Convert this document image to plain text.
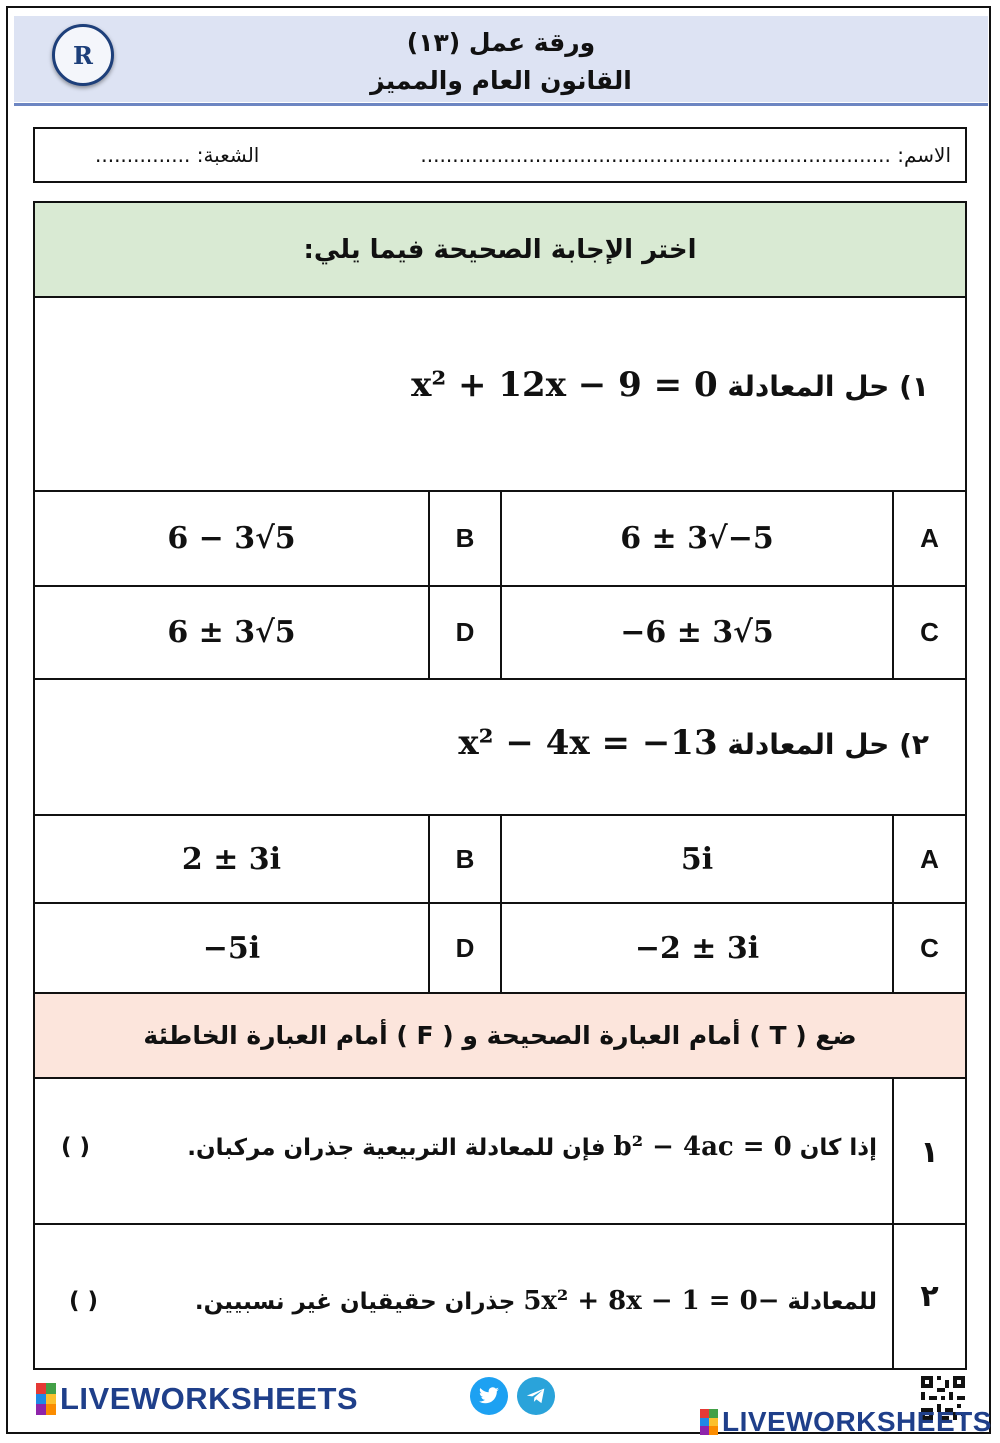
ورقة عمل (١٣)
القانون العام والمميز
R
الاسم: ..........................................................................
الشعبة: ...............
اختر الإجابة الصحيحة فيما يلي:
١) حل المعادلة x² + 12x − 9 = 0
A
6 ± 3√−5
B
6 − 3√5
C
−6 ± 3√5
D
6 ± 3√5
٢) حل المعادلة x² − 4x = −13
A
5i
B
2 ± 3i
C
−2 ± 3i
D
−5i
ضع ( T ) أمام العبارة الصحيحة و ( F ) أمام العبارة الخاطئة
١
إذا كان b² − 4ac = 0 فإن للمعادلة التربيعية جذران مركبان.
( )
٢
للمعادلة −5x² + 8x − 1 = 0 جذران حقيقيان غير نسبيين.
( )
LIVEWORKSHEETS
LIVEWORKSHEETS
